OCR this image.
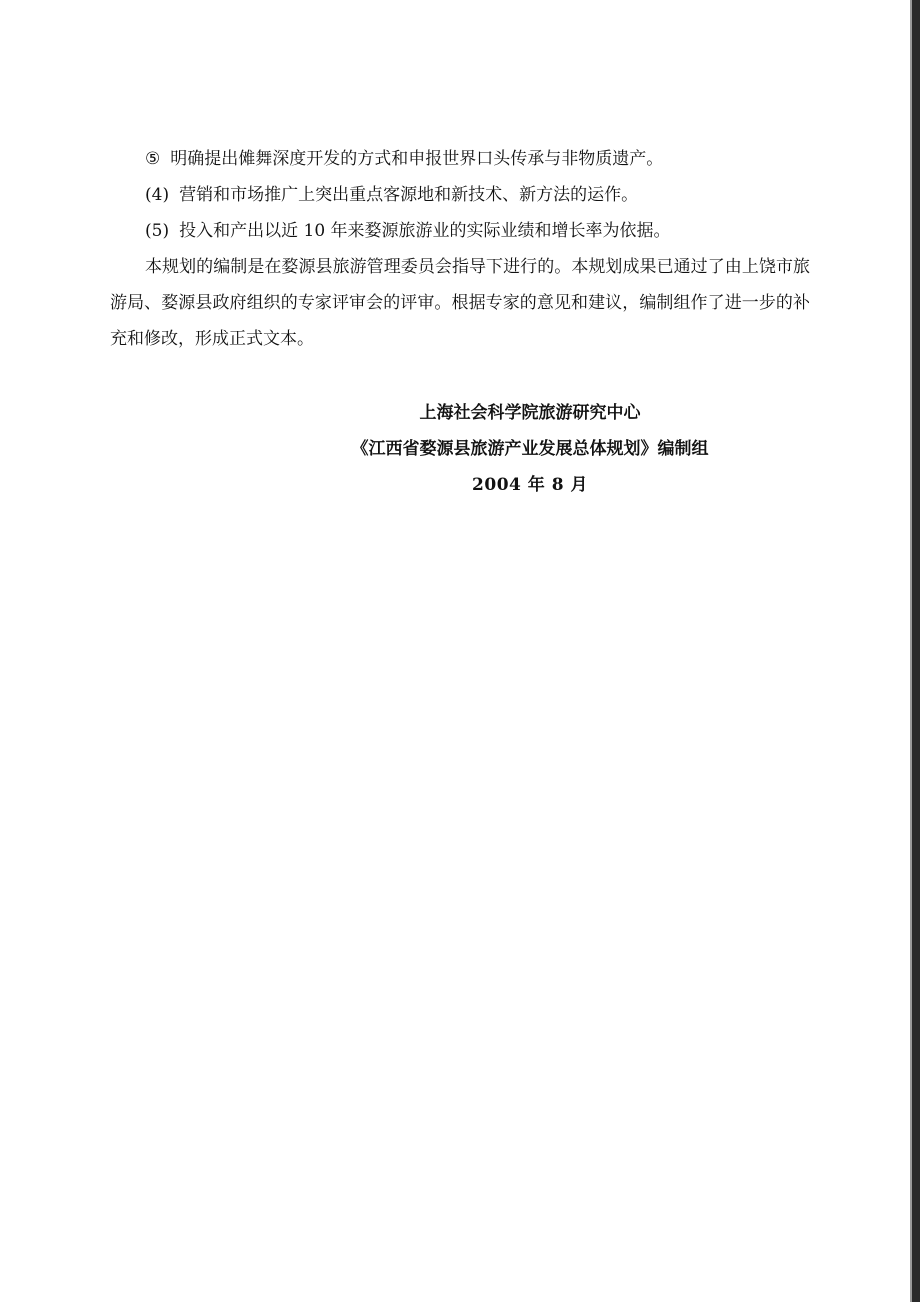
⑤ 明确提出傩舞深度开发的方式和申报世界口头传承与非物质遗产。

(4) 营销和市场推广上突出重点客源地和新技术、新方法的运作。

(5) 投入和产出以近 10 年来婺源旅游业的实际业绩和增长率为依据。

本规划的编制是在婺源县旅游管理委员会指导下进行的。本规划成果已通过了由上饶市旅游局、婺源县政府组织的专家评审会的评审。根据专家的意见和建议，编制组作了进一步的补充和修改，形成正式文本。

上海社会科学院旅游研究中心
《江西省婺源县旅游产业发展总体规划》编制组
2004 年 8 月
